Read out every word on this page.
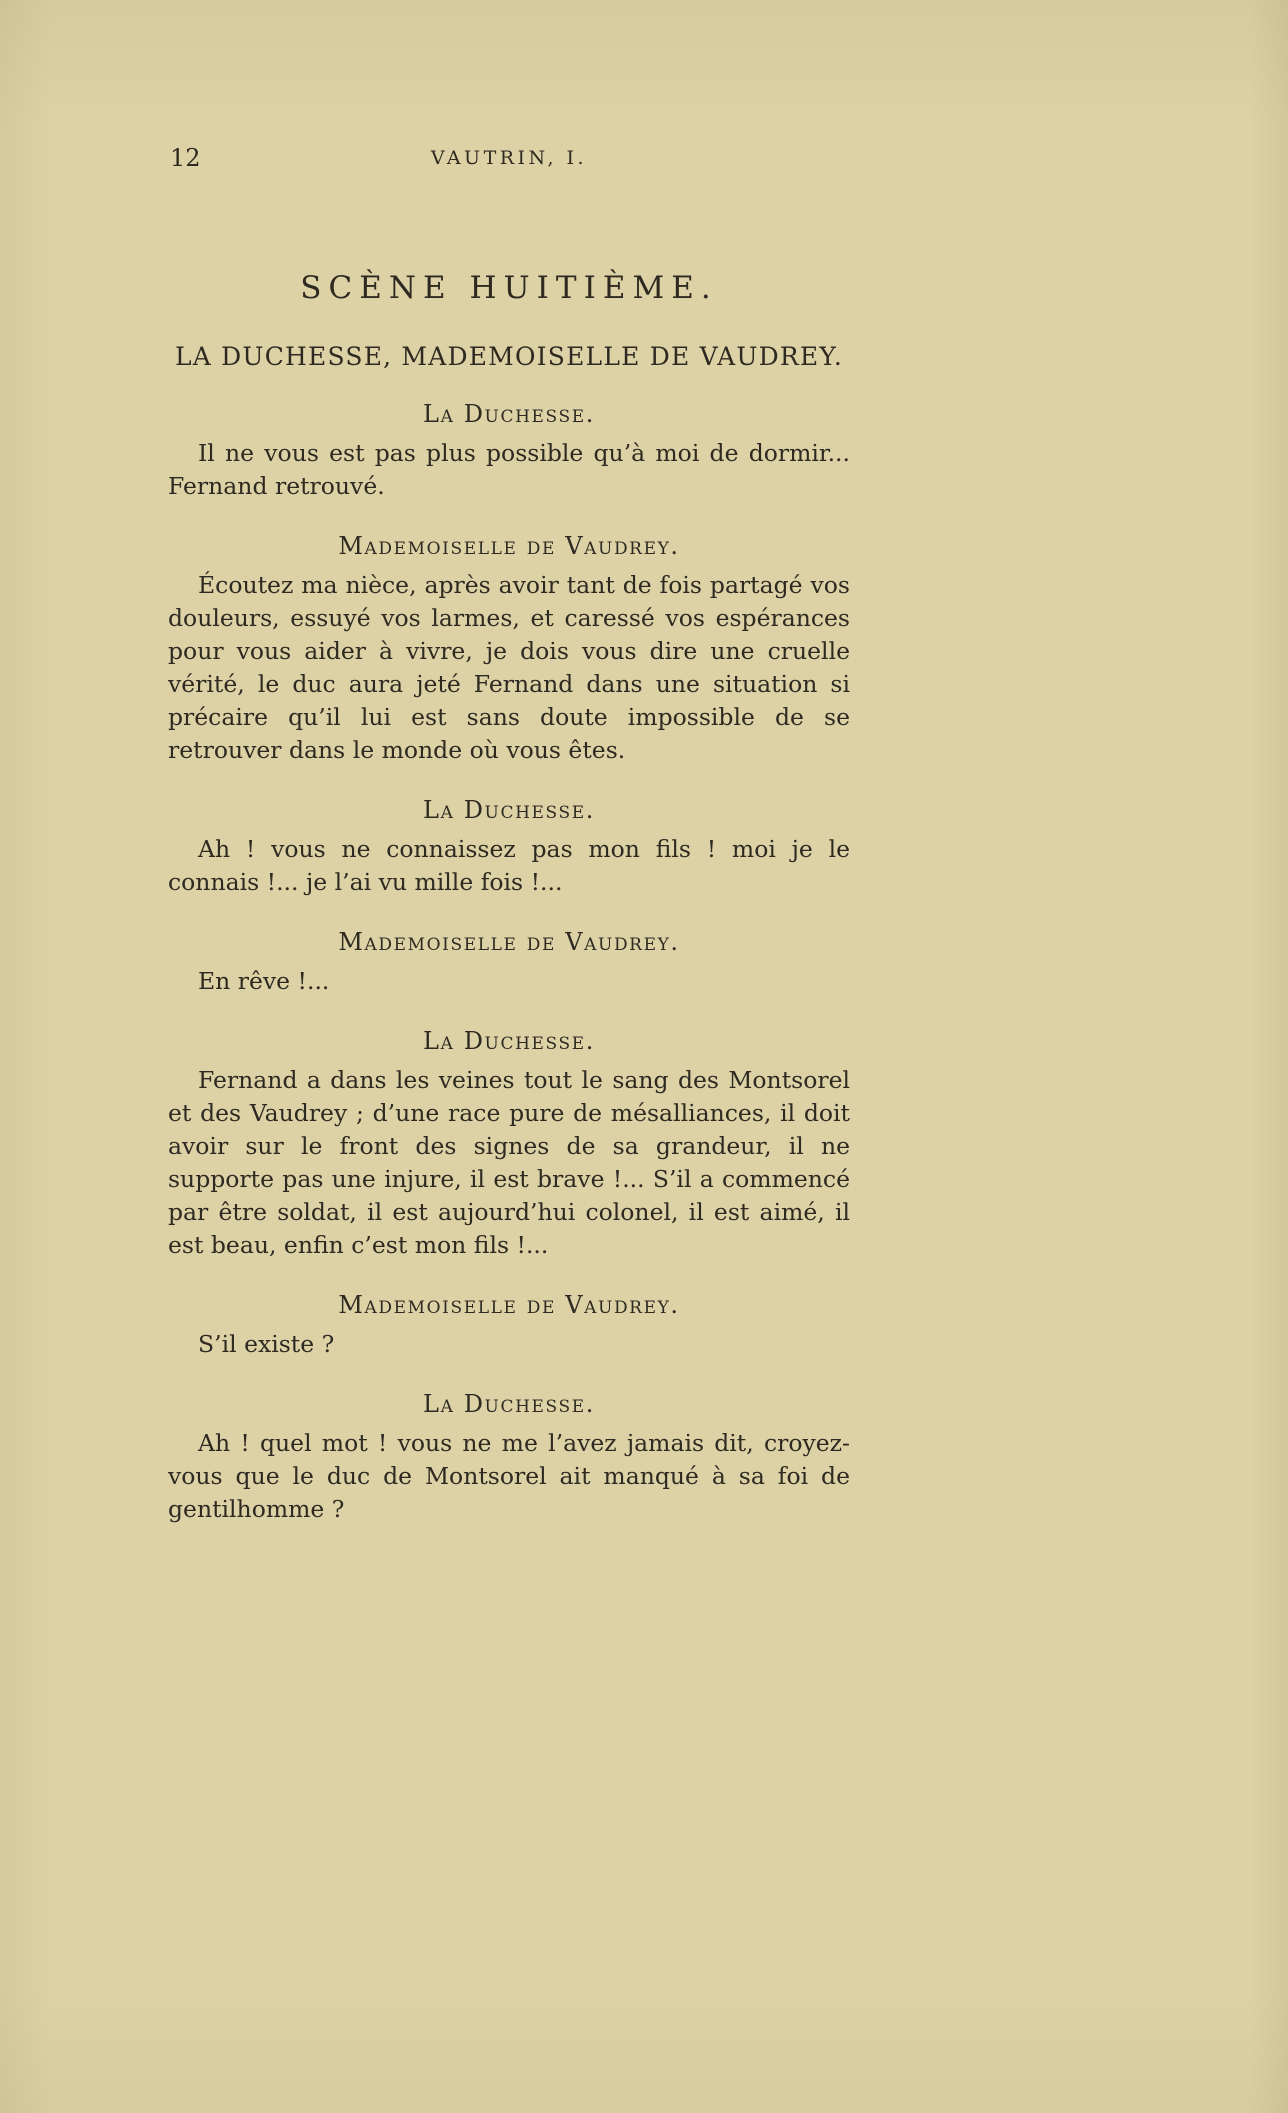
12	VAUTRIN, I.
SCÈNE HUITIÈME.
LA DUCHESSE, MADEMOISELLE DE VAUDREY.
La Duchesse.

Il ne vous est pas plus possible qu’à moi de dormir... Fernand retrouvé.

Mademoiselle de Vaudrey.

Écoutez ma nièce, après avoir tant de fois partagé vos douleurs, essuyé vos larmes, et caressé vos espérances pour vous aider à vivre, je dois vous dire une cruelle vérité, le duc aura jeté Fernand dans une situation si précaire qu’il lui est sans doute impossible de se retrouver dans le monde où vous êtes.

La Duchesse.

Ah ! vous ne connaissez pas mon fils ! moi je le connais !... je l’ai vu mille fois !...

Mademoiselle de Vaudrey.

En rêve !...

La Duchesse.

Fernand a dans les veines tout le sang des Montsorel et des Vaudrey ; d’une race pure de mésalliances, il doit avoir sur le front des signes de sa grandeur, il ne supporte pas une injure, il est brave !... S’il a commencé par être soldat, il est aujourd’hui colonel, il est aimé, il est beau, enfin c’est mon fils !...

Mademoiselle de Vaudrey.

S’il existe ?

La Duchesse.

Ah ! quel mot ! vous ne me l’avez jamais dit, croyez-vous que le duc de Montsorel ait manqué à sa foi de gentilhomme ?
